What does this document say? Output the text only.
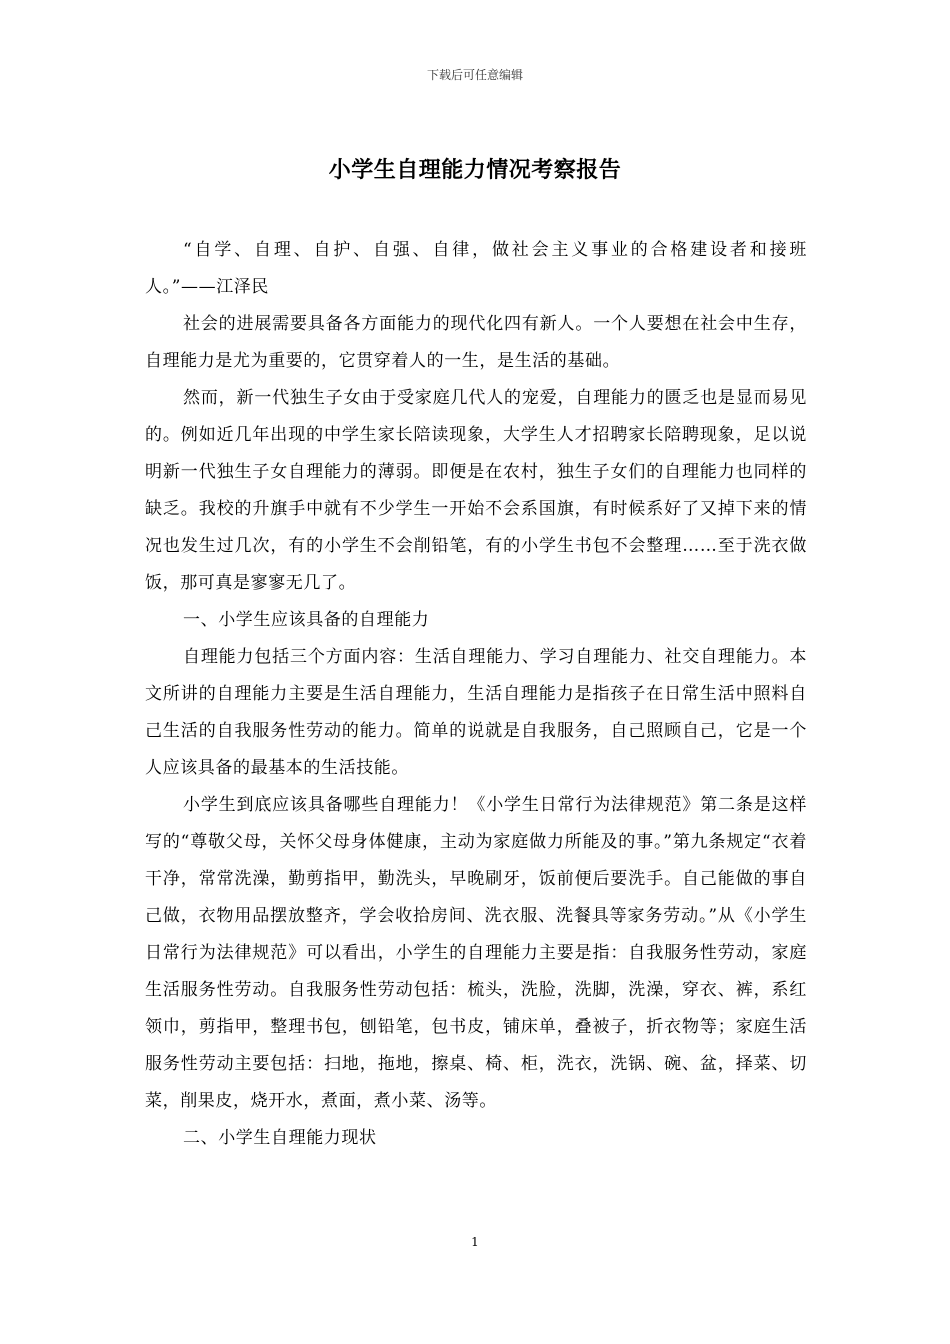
下载后可任意编辑
小学生自理能力情况考察报告

“自学、自理、自护、自强、自律，做社会主义事业的合格建设者和接班人。”——江泽民

社会的进展需要具备各方面能力的现代化四有新人。一个人要想在社会中生存，自理能力是尤为重要的，它贯穿着人的一生，是生活的基础。

然而，新一代独生子女由于受家庭几代人的宠爱，自理能力的匮乏也是显而易见的。例如近几年出现的中学生家长陪读现象，大学生人才招聘家长陪聘现象，足以说明新一代独生子女自理能力的薄弱。即便是在农村，独生子女们的自理能力也同样的缺乏。我校的升旗手中就有不少学生一开始不会系国旗，有时候系好了又掉下来的情况也发生过几次，有的小学生不会削铅笔，有的小学生书包不会整理……至于洗衣做饭，那可真是寥寥无几了。

一、小学生应该具备的自理能力

自理能力包括三个方面内容：生活自理能力、学习自理能力、社交自理能力。本文所讲的自理能力主要是生活自理能力，生活自理能力是指孩子在日常生活中照料自己生活的自我服务性劳动的能力。简单的说就是自我服务，自己照顾自己，它是一个人应该具备的最基本的生活技能。

小学生到底应该具备哪些自理能力！《小学生日常行为法律规范》第二条是这样写的“尊敬父母，关怀父母身体健康，主动为家庭做力所能及的事。”第九条规定“衣着干净，常常洗澡，勤剪指甲，勤洗头，早晚刷牙，饭前便后要洗手。自己能做的事自己做，衣物用品摆放整齐，学会收拾房间、洗衣服、洗餐具等家务劳动。”从《小学生日常行为法律规范》可以看出，小学生的自理能力主要是指：自我服务性劳动，家庭生活服务性劳动。自我服务性劳动包括：梳头，洗脸，洗脚，洗澡，穿衣、裤，系红领巾，剪指甲，整理书包，刨铅笔，包书皮，铺床单，叠被子，折衣物等；家庭生活服务性劳动主要包括：扫地，拖地，擦桌、椅、柜，洗衣，洗锅、碗、盆，择菜、切菜，削果皮，烧开水，煮面，煮小菜、汤等。

二、小学生自理能力现状

1
